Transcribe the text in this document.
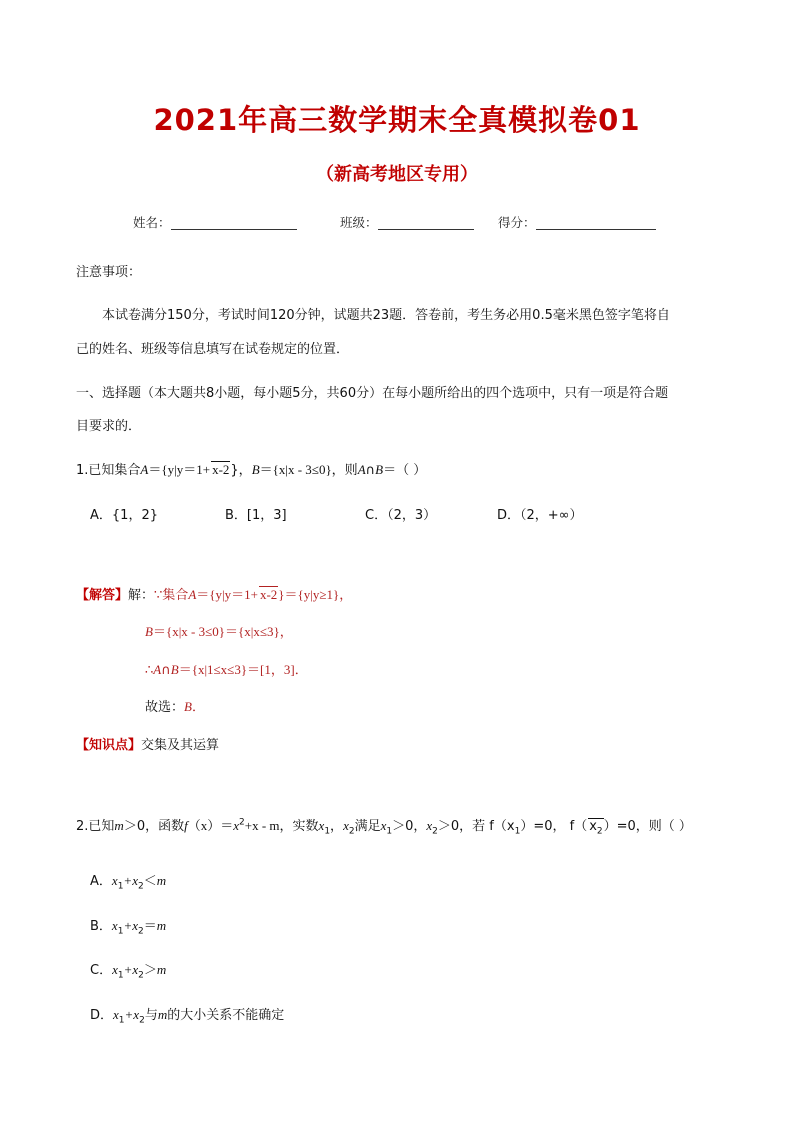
2021年高三数学期末全真模拟卷01
（新高考地区专用）
姓名：	班级：	得分：
注意事项：
本试卷满分150分，考试时间120分钟，试题共23题．答卷前，考生务必用0.5毫米黑色签字笔将自
己的姓名、班级等信息填写在试卷规定的位置．
一、选择题（本大题共8小题，每小题5分，共60分）在每小题所给出的四个选项中，只有一项是符合题
目要求的．
1.已知集合A＝{y|y＝1+ x-2}，B＝{x|x - 3≤0}，则A∩B＝（ ）
A．{1，2}	B．[1，3]	C．（2，3）	D．（2，+∞）
【解答】解：∵集合A＝{y|y＝1+ x-2}＝{y|y≥1}，
B＝{x|x - 3≤0}＝{x|x≤3}，
∴A∩B＝{x|1≤x≤3}＝[1，3]．
故选：B．
【知识点】交集及其运算
2.已知m＞0，函数$f(x)=x^2+x - m$，实数$x_1$，$x_2$满足$x_1>0$，$x_2>0$，若 $f(x_1)=0$， f（ $x_2)=0$，则（ ）
A．$x_1+x_2<m$
B．$x_1+x_2=m$
C．$x_1+x_2>m$
D．$x_1+x_2$与m的大小关系不能确定
